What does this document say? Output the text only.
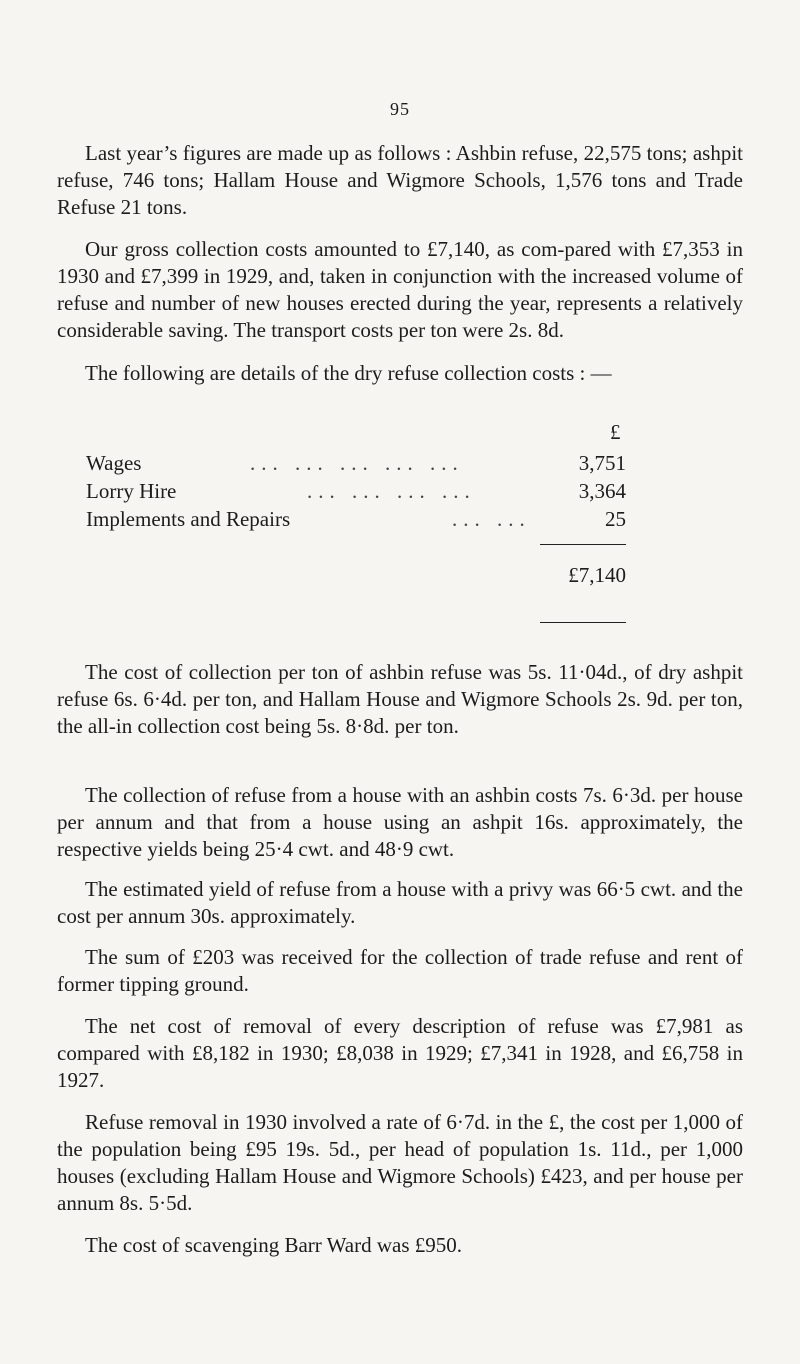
95

Last year’s figures are made up as follows : Ashbin refuse, 22,575 tons; ashpit refuse, 746 tons; Hallam House and Wigmore Schools, 1,576 tons and Trade Refuse 21 tons.

Our gross collection costs amounted to £7,140, as com-pared with £7,353 in 1930 and £7,399 in 1929, and, taken in conjunction with the increased volume of refuse and number of new houses erected during the year, represents a relatively considerable saving. The transport costs per ton were 2s. 8d.

The following are details of the dry refuse collection costs : —

£
Wages	... ... ... ... ...	3,751
Lorry Hire	... ... ... ...	3,364
Implements and Repairs	... ...	25
£7,140

The cost of collection per ton of ashbin refuse was 5s. 11·04d., of dry ashpit refuse 6s. 6·4d. per ton, and Hallam House and Wigmore Schools 2s. 9d. per ton, the all-in collection cost being 5s. 8·8d. per ton.

The collection of refuse from a house with an ashbin costs 7s. 6·3d. per house per annum and that from a house using an ashpit 16s. approximately, the respective yields being 25·4 cwt. and 48·9 cwt.

The estimated yield of refuse from a house with a privy was 66·5 cwt. and the cost per annum 30s. approximately.

The sum of £203 was received for the collection of trade refuse and rent of former tipping ground.

The net cost of removal of every description of refuse was £7,981 as compared with £8,182 in 1930; £8,038 in 1929; £7,341 in 1928, and £6,758 in 1927.

Refuse removal in 1930 involved a rate of 6·7d. in the £, the cost per 1,000 of the population being £95 19s. 5d., per head of population 1s. 11d., per 1,000 houses (excluding Hallam House and Wigmore Schools) £423, and per house per annum 8s. 5·5d.

The cost of scavenging Barr Ward was £950.
